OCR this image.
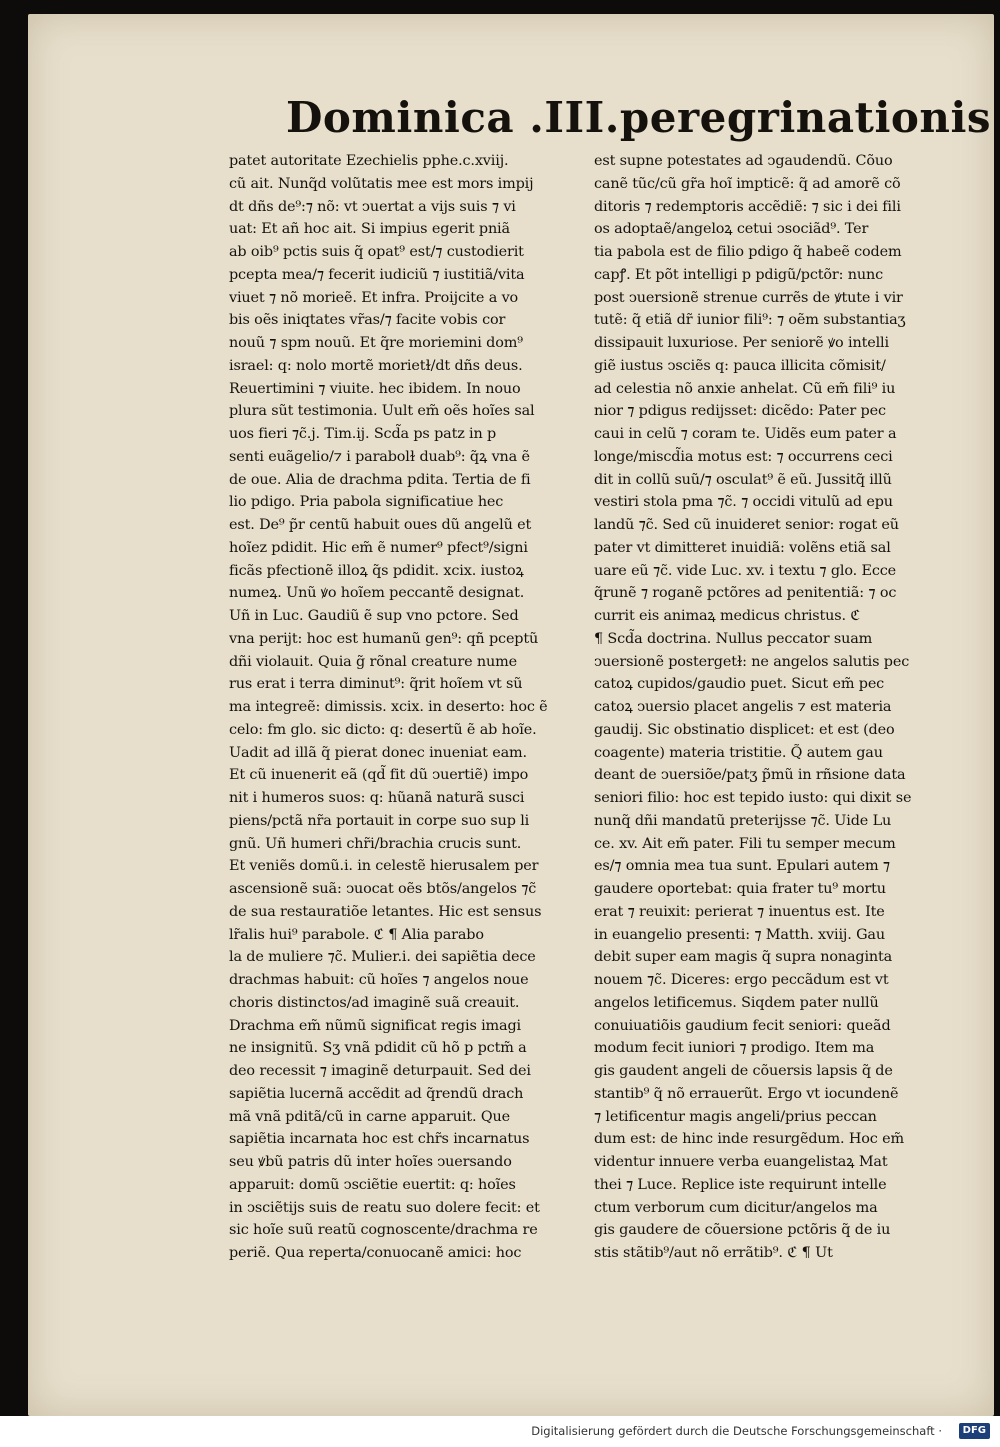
Dominica .III.peregrinationis
patet autoritate Ezechielis pphe.c.xviij.
cũ ait. Nunq̃d volũtatis mee est mors impij
dt dñs de⁹:⁊ nõ: vt ↄuertat a vijs suis ⁊ vi
uat: Et añ hoc ait. Si impius egerit pniã
ab oib⁹ pctis suis q̃ opat⁹ est/⁊ custodierit
pcepta mea/⁊ fecerit iudiciũ ⁊ iustitiã/vita
viuet ⁊ nõ morieẽ. Et infra. Proijcite a vo
bis oẽs iniqtates vr̃as/⁊ facite vobis cor
nouũ ⁊ spm nouũ. Et q̃re moriemini dom⁹
israel: q: nolo mortẽ morietɫ/dt dñs deus.
Reuertimini ⁊ viuite. hec ibidem. In nouo
plura sũt testimonia. Uult em̃ oẽs hoĩes sal
uos fieri ⁊c̃.j. Tim.ij. Scd̃a ps patz in p
senti euãgelio/⁊ i parabolɫ duab⁹: q̃ꝝ vna ẽ
de oue. Alia de drachma pdita. Tertia de fi
lio pdigo. Pria pabola significatiue hec
est. De⁹ p̃r centũ habuit oues dũ angelũ et
hoĩez pdidit. Hic em̃ ẽ numer⁹ pfect⁹/signi
ficãs pfectionẽ illoꝝ q̃s pdidit. xcix. iustoꝝ
numeꝝ. Unũ ꝟo hoĩem peccantẽ designat.
Uñ in Luc. Gaudiũ ẽ sup vno pctore. Sed
vna perijt: hoc est humanũ gen⁹: qñ pceptũ
dñi violauit. Quia g̃ rõnal creature nume
rus erat i terra diminut⁹: q̃rit hoĩem vt sũ
ma integreẽ: dimissis. xcix. in deserto: hoc ẽ
celo: fm glo. sic dicto: q: desertũ ẽ ab hoĩe.
Uadit ad illã q̃ pierat donec inueniat eam.
Et cũ inuenerit eã (qd̃ fit dũ ↄuertiẽ) impo
nit i humeros suos: q: hũanã naturã susci
piens/pctã nr̃a portauit in corpe suo sup li
gnũ. Uñ humeri chr̃i/brachia crucis sunt.
Et veniẽs domũ.i. in celestẽ hierusalem per
ascensionẽ suã: ↄuocat oẽs btõs/angelos ⁊c̃
de sua restauratiõe letantes. Hic est sensus
lr̃alis hui⁹ parabole. ℭ ¶ Alia parabo
la de muliere ⁊c̃. Mulier.i. dei sapiẽtia dece
drachmas habuit: cũ hoĩes ⁊ angelos noue
choris distinctos/ad imaginẽ suã creauit.
Drachma em̃ nũmũ significat regis imagi
ne insignitũ. Sʒ vnã pdidit cũ hõ p pctm̃ a
deo recessit ⁊ imaginẽ deturpauit. Sed dei
sapiẽtia lucernã accẽdit ad q̃rendũ drach
mã vnã pditã/cũ in carne apparuit. Que
sapiẽtia incarnata hoc est chr̃s incarnatus
seu ꝟbũ patris dũ inter hoĩes ↄuersando
apparuit: domũ ↄsciẽtie euertit: q: hoĩes
in ↄsciẽtijs suis de reatu suo dolere fecit: et
sic hoĩe suũ reatũ cognoscente/drachma re
periẽ. Qua reperta/conuocanẽ amici: hoc
est supne potestates ad ↄgaudendũ. Cõuo
canẽ tũc/cũ gr̃a hoĩ impticẽ: q̃ ad amorẽ cõ
ditoris ⁊ redemptoris accẽdiẽ: ⁊ sic i dei fili
os adoptaẽ/angeloꝝ cetui ↄsociãd⁹. Ter
tia pabola est de filio pdigo q̃ habeẽ codem
capꝭ. Et põt intelligi p pdigũ/pctõr: nunc
post ↄuersionẽ strenue currẽs de ꝟtute i vir
tutẽ: q̃ etiã dr̃ iunior fili⁹: ⁊ oẽm substantiaʒ
dissipauit luxuriose. Per seniorẽ ꝟo intelli
giẽ iustus ↄsciẽs q: pauca illicita cõmisit/
ad celestia nõ anxie anhelat. Cũ em̃ fili⁹ iu
nior ⁊ pdigus redijsset: dicẽdo: Pater pec
caui in celũ ⁊ coram te. Uidẽs eum pater a
longe/miscd̃ia motus est: ⁊ occurrens ceci
dit in collũ suũ/⁊ osculat⁹ ẽ eũ. Jussitq̃ illũ
vestiri stola pma ⁊c̃. ⁊ occidi vitulũ ad epu
landũ ⁊c̃. Sed cũ inuideret senior: rogat eũ
pater vt dimitteret inuidiã: volẽns etiã sal
uare eũ ⁊c̃. vide Luc. xv. i textu ⁊ glo. Ecce
q̃runẽ ⁊ roganẽ pctõres ad penitentiã: ⁊ oc
currit eis animaꝝ medicus christus. ℭ
¶ Scd̃a doctrina. Nullus peccator suam
ↄuersionẽ postergetɫ: ne angelos salutis pec
catoꝝ cupidos/gaudio puet. Sicut em̃ pec
catoꝝ ↄuersio placet angelis ⁊ est materia
gaudij. Sic obstinatio displicet: et est (deo
coagente) materia tristitie. Q̃ autem gau
deant de ↄuersiõe/patʒ p̃mũ in rñsione data
seniori filio: hoc est tepido iusto: qui dixit se
nunq̃ dñi mandatũ preterijsse ⁊c̃. Uide Lu
ce. xv. Ait em̃ pater. Fili tu semper mecum
es/⁊ omnia mea tua sunt. Epulari autem ⁊
gaudere oportebat: quia frater tu⁹ mortu
erat ⁊ reuixit: perierat ⁊ inuentus est. Ite
in euangelio presenti: ⁊ Matth. xviij. Gau
debit super eam magis q̃ supra nonaginta
nouem ⁊c̃. Diceres: ergo peccãdum est vt
angelos letificemus. Siqdem pater nullũ
conuiuatiõis gaudium fecit seniori: queãd
modum fecit iuniori ⁊ prodigo. Item ma
gis gaudent angeli de cõuersis lapsis q̃ de
stantib⁹ q̃ nõ errauerũt. Ergo vt iocundenẽ
⁊ letificentur magis angeli/prius peccan
dum est: de hinc inde resurgẽdum. Hoc em̃
videntur innuere verba euangelistaꝝ Mat
thei ⁊ Luce. Replice iste requirunt intelle
ctum verborum cum dicitur/angelos ma
gis gaudere de cõuersione pctõris q̃ de iu
stis stãtib⁹/aut nõ errãtib⁹. ℭ ¶ Ut
Digitalisierung gefördert durch die Deutsche Forschungsgemeinschaft ·	DFG
